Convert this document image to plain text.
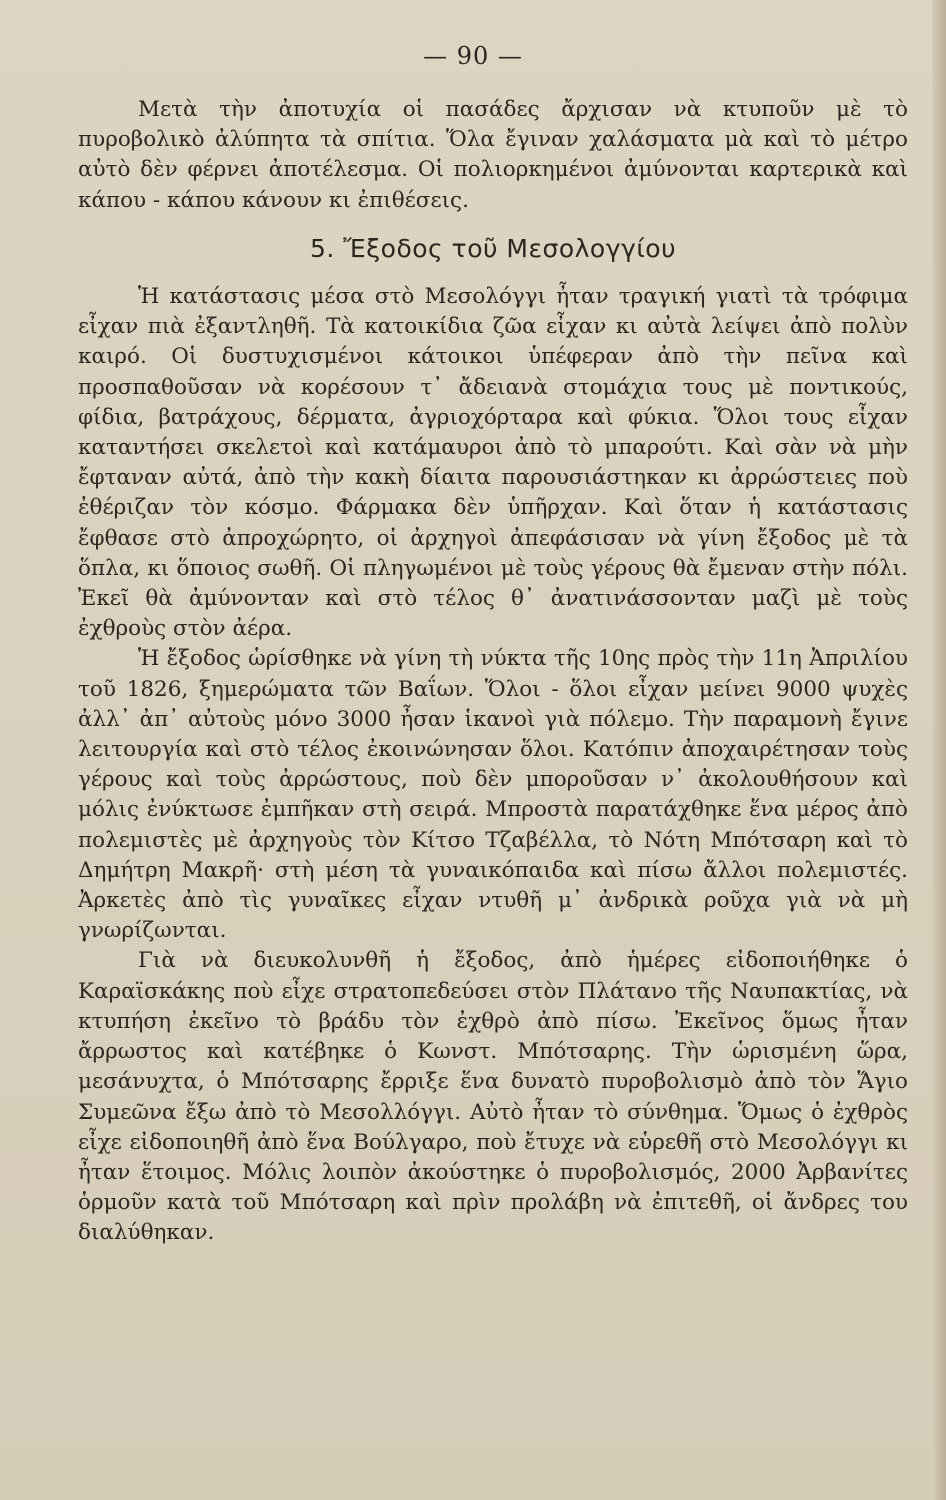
— 90 —

Μετὰ τὴν ἀποτυχία οἱ πασάδες ἄρχισαν νὰ κτυποῦν μὲ τὸ πυροβολικὸ ἀλύπητα τὰ σπίτια. Ὅλα ἔγιναν χαλάσματα μὰ καὶ τὸ μέτρο αὐτὸ δὲν φέρνει ἀποτέλεσμα. Οἱ πολιορκημένοι ἀμύνονται καρτερικὰ καὶ κάπου - κάπου κάνουν κι ἐπιθέσεις.

5. Ἔξοδος τοῦ Μεσολογγίου

Ἡ κατάστασις μέσα στὸ Μεσολόγγι ἦταν τραγική γιατὶ τὰ τρόφιμα εἶχαν πιὰ ἐξαντληθῆ. Τὰ κατοικίδια ζῶα εἶχαν κι αὐτὰ λείψει ἀπὸ πολὺν καιρό. Οἱ δυστυχισμένοι κάτοικοι ὑπέφεραν ἀπὸ τὴν πεῖνα καὶ προσπαθοῦσαν νὰ κορέσουν τ᾽ ἄδειανὰ στομάχια τους μὲ ποντικούς, φίδια, βατράχους, δέρματα, ἀγριοχόρταρα καὶ φύκια. Ὅλοι τους εἶχαν καταντήσει σκελετοὶ καὶ κατάμαυροι ἀπὸ τὸ μπαρούτι. Καὶ σὰν νὰ μὴν ἔφταναν αὐτά, ἀπὸ τὴν κακὴ δίαιτα παρουσιάστηκαν κι ἀρρώστειες ποὺ ἐθέριζαν τὸν κόσμο. Φάρμακα δὲν ὑπῆρχαν. Καὶ ὅταν ἡ κατάστασις ἔφθασε στὸ ἀπροχώρητο, οἱ ἀρχηγοὶ ἀπεφάσισαν νὰ γίνη ἔξοδος μὲ τὰ ὅπλα, κι ὅποιος σωθῆ. Οἱ πληγωμένοι μὲ τοὺς γέρους θὰ ἔμεναν στὴν πόλι. Ἐκεῖ θὰ ἀμύνονταν καὶ στὸ τέλος θ᾽ ἀνατινάσσονταν μαζὶ μὲ τοὺς ἐχθροὺς στὸν ἀέρα.

Ἡ ἔξοδος ὡρίσθηκε νὰ γίνη τὴ νύκτα τῆς 10ης πρὸς τὴν 11η Ἀπριλίου τοῦ 1826, ξημερώματα τῶν Βαΐων. Ὅλοι - ὅλοι εἶχαν μείνει 9000 ψυχὲς ἀλλ᾽ ἀπ᾽ αὐτοὺς μόνο 3000 ἦσαν ἱκανοὶ γιὰ πόλεμο. Τὴν παραμονὴ ἔγινε λειτουργία καὶ στὸ τέλος ἐκοινώνησαν ὅλοι. Κατόπιν ἀποχαιρέτησαν τοὺς γέρους καὶ τοὺς ἀρρώστους, ποὺ δὲν μποροῦσαν ν᾽ ἀκολουθήσουν καὶ μόλις ἐνύκτωσε ἐμπῆκαν στὴ σειρά. Μπροστὰ παρατάχθηκε ἕνα μέρος ἀπὸ πολεμιστὲς μὲ ἀρχηγοὺς τὸν Κίτσο Τζαβέλλα, τὸ Νότη Μπότσαρη καὶ τὸ Δημήτρη Μακρῆ· στὴ μέση τὰ γυναικόπαιδα καὶ πίσω ἄλλοι πολεμιστές. Ἀρκετὲς ἀπὸ τὶς γυναῖκες εἶχαν ντυθῆ μ᾽ ἀνδρικὰ ροῦχα γιὰ νὰ μὴ γνωρίζωνται.

Γιὰ νὰ διευκολυνθῆ ἡ ἔξοδος, ἀπὸ ἡμέρες εἰδοποιήθηκε ὁ Καραϊσκάκης ποὺ εἶχε στρατοπεδεύσει στὸν Πλάτανο τῆς Ναυπακτίας, νὰ κτυπήση ἐκεῖνο τὸ βράδυ τὸν ἐχθρὸ ἀπὸ πίσω. Ἐκεῖνος ὅμως ἦταν ἄρρωστος καὶ κατέβηκε ὁ Κωνστ. Μπότσαρης. Τὴν ὡρισμένη ὥρα, μεσάνυχτα, ὁ Μπότσαρης ἔρριξε ἕνα δυνατὸ πυροβολισμὸ ἀπὸ τὸν Ἅγιο Συμεῶνα ἔξω ἀπὸ τὸ Μεσολλόγγι. Αὐτὸ ἦταν τὸ σύνθημα. Ὅμως ὁ ἐχθρὸς εἶχε εἰδοποιηθῆ ἀπὸ ἕνα Βούλγαρο, ποὺ ἔτυχε νὰ εὑρεθῆ στὸ Μεσολόγγι κι ἦταν ἕτοιμος. Μόλις λοιπὸν ἀκούστηκε ὁ πυροβολισμός, 2000 Ἀρβανίτες ὁρμοῦν κατὰ τοῦ Μπότσαρη καὶ πρὶν προλάβη νὰ ἐπιτεθῆ, οἱ ἄνδρες του διαλύθηκαν.
